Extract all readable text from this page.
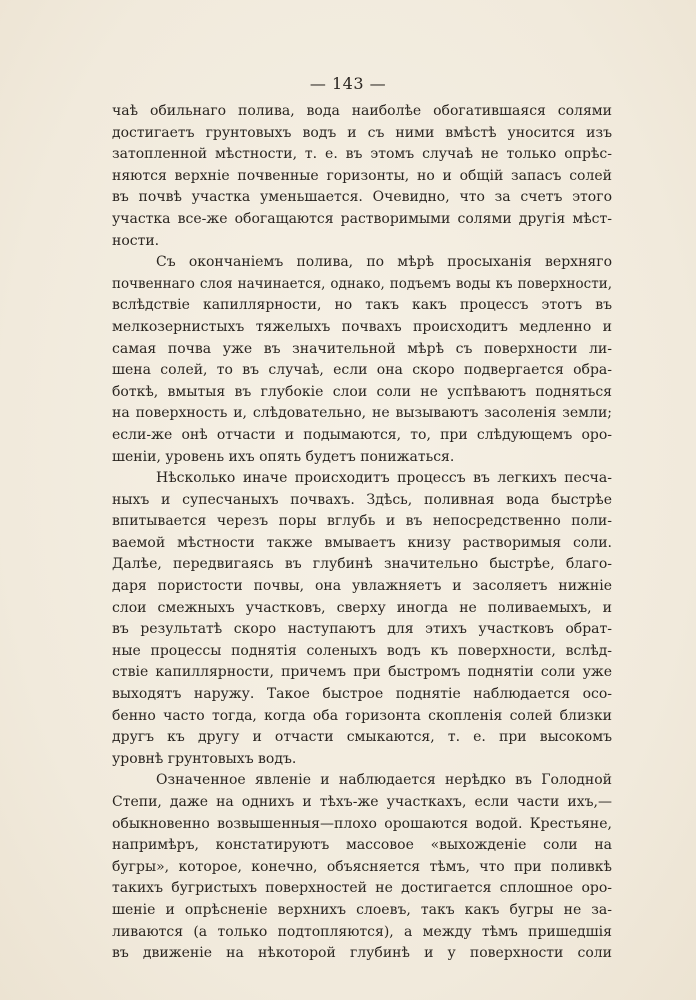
— 143 —
чаѣ обильнаго полива, вода наиболѣе обогатившаяся солями
достигаетъ грунтовыхъ водъ и съ ними вмѣстѣ уносится изъ
затопленной мѣстности, т. е. въ этомъ случаѣ не только опрѣс-
няются верхніе почвенные горизонты, но и общій запасъ солей
въ почвѣ участка уменьшается. Очевидно, что за счетъ этого
участка все-же обогащаются растворимыми солями другія мѣст-
ности.
Съ окончаніемъ полива, по мѣрѣ просыханія верхняго
почвеннаго слоя начинается, однако, подъемъ воды къ поверхности,
вслѣдствіе капиллярности, но такъ какъ процессъ этотъ въ
мелкозернистыхъ тяжелыхъ почвахъ происходитъ медленно и
самая почва уже въ значительной мѣрѣ съ поверхности ли-
шена солей, то въ случаѣ, если она скоро подвергается обра-
боткѣ, вмытыя въ глубокіе слои соли не успѣваютъ подняться
на поверхность и, слѣдовательно, не вызываютъ засоленія земли;
если-же онѣ отчасти и подымаются, то, при слѣдующемъ оро-
шеніи, уровень ихъ опять будетъ понижаться.
Нѣсколько иначе происходитъ процессъ въ легкихъ песча-
ныхъ и супесчаныхъ почвахъ. Здѣсь, поливная вода быстрѣе
впитывается черезъ поры вглубь и въ непосредственно поли-
ваемой мѣстности также вмываетъ книзу растворимыя соли.
Далѣе, передвигаясь въ глубинѣ значительно быстрѣе, благо-
даря пористости почвы, она увлажняетъ и засоляетъ нижніе
слои смежныхъ участковъ, сверху иногда не поливаемыхъ, и
въ результатѣ скоро наступаютъ для этихъ участковъ обрат-
ные процессы поднятія соленыхъ водъ къ поверхности, вслѣд-
ствіе капиллярности, причемъ при быстромъ поднятіи соли уже
выходятъ наружу. Такое быстрое поднятіе наблюдается осо-
бенно часто тогда, когда оба горизонта скопленія солей близки
другъ къ другу и отчасти смыкаются, т. е. при высокомъ
уровнѣ грунтовыхъ водъ.
Означенное явленіе и наблюдается нерѣдко въ Голодной
Степи, даже на однихъ и тѣхъ-же участкахъ, если части ихъ,—
обыкновенно возвышенныя—плохо орошаются водой. Крестьяне,
напримѣръ, констатируютъ массовое «выхожденіе соли на
бугры», которое, конечно, объясняется тѣмъ, что при поливкѣ
такихъ бугристыхъ поверхностей не достигается сплошное оро-
шеніе и опрѣсненіе верхнихъ слоевъ, такъ какъ бугры не за-
ливаются (а только подтопляются), а между тѣмъ пришедшія
въ движеніе на нѣкоторой глубинѣ и у поверхности соли
